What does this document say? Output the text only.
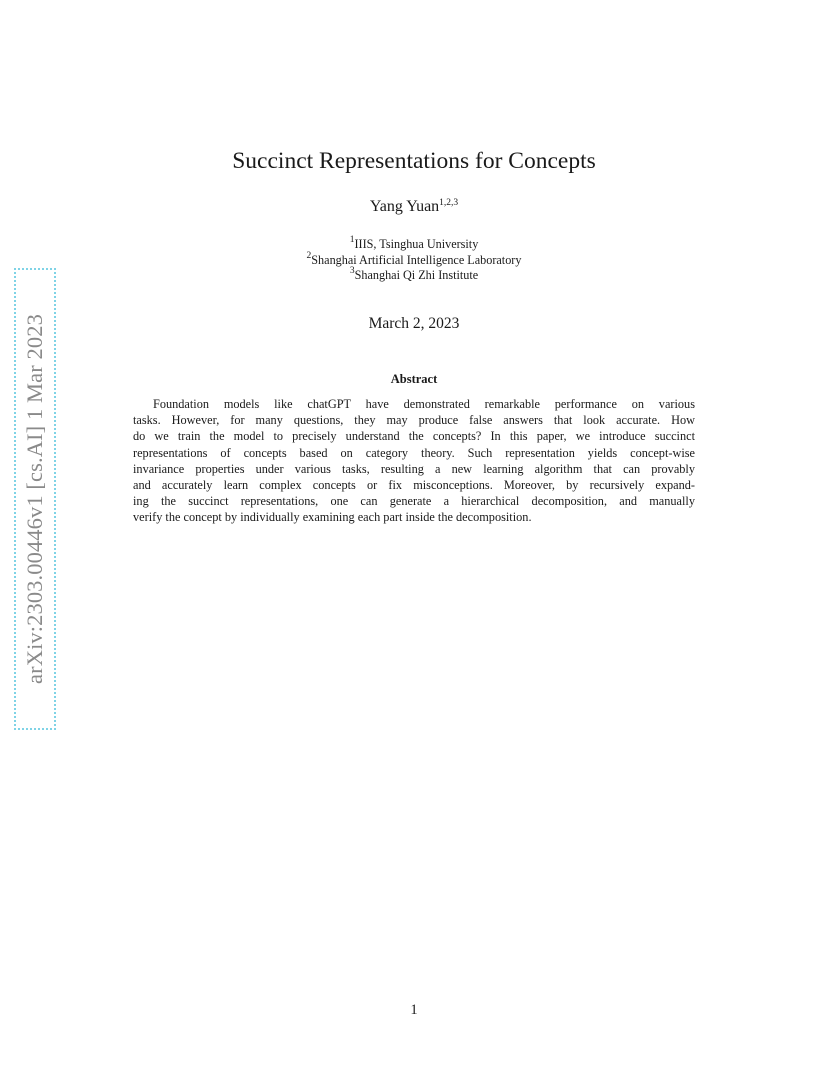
arXiv:2303.00446v1 [cs.AI] 1 Mar 2023
Succinct Representations for Concepts
Yang Yuan$^{1,2,3}$
$^1$IIIS, Tsinghua University
$^2$Shanghai Artificial Intelligence Laboratory
$^3$Shanghai Qi Zhi Institute
March 2, 2023
Abstract
Foundation models like chatGPT have demonstrated remarkable performance on various
tasks. However, for many questions, they may produce false answers that look accurate. How
do we train the model to precisely understand the concepts? In this paper, we introduce succinct
representations of concepts based on category theory. Such representation yields concept-wise
invariance properties under various tasks, resulting a new learning algorithm that can provably
and accurately learn complex concepts or fix misconceptions. Moreover, by recursively expand-
ing the succinct representations, one can generate a hierarchical decomposition, and manually
verify the concept by individually examining each part inside the decomposition.
1
